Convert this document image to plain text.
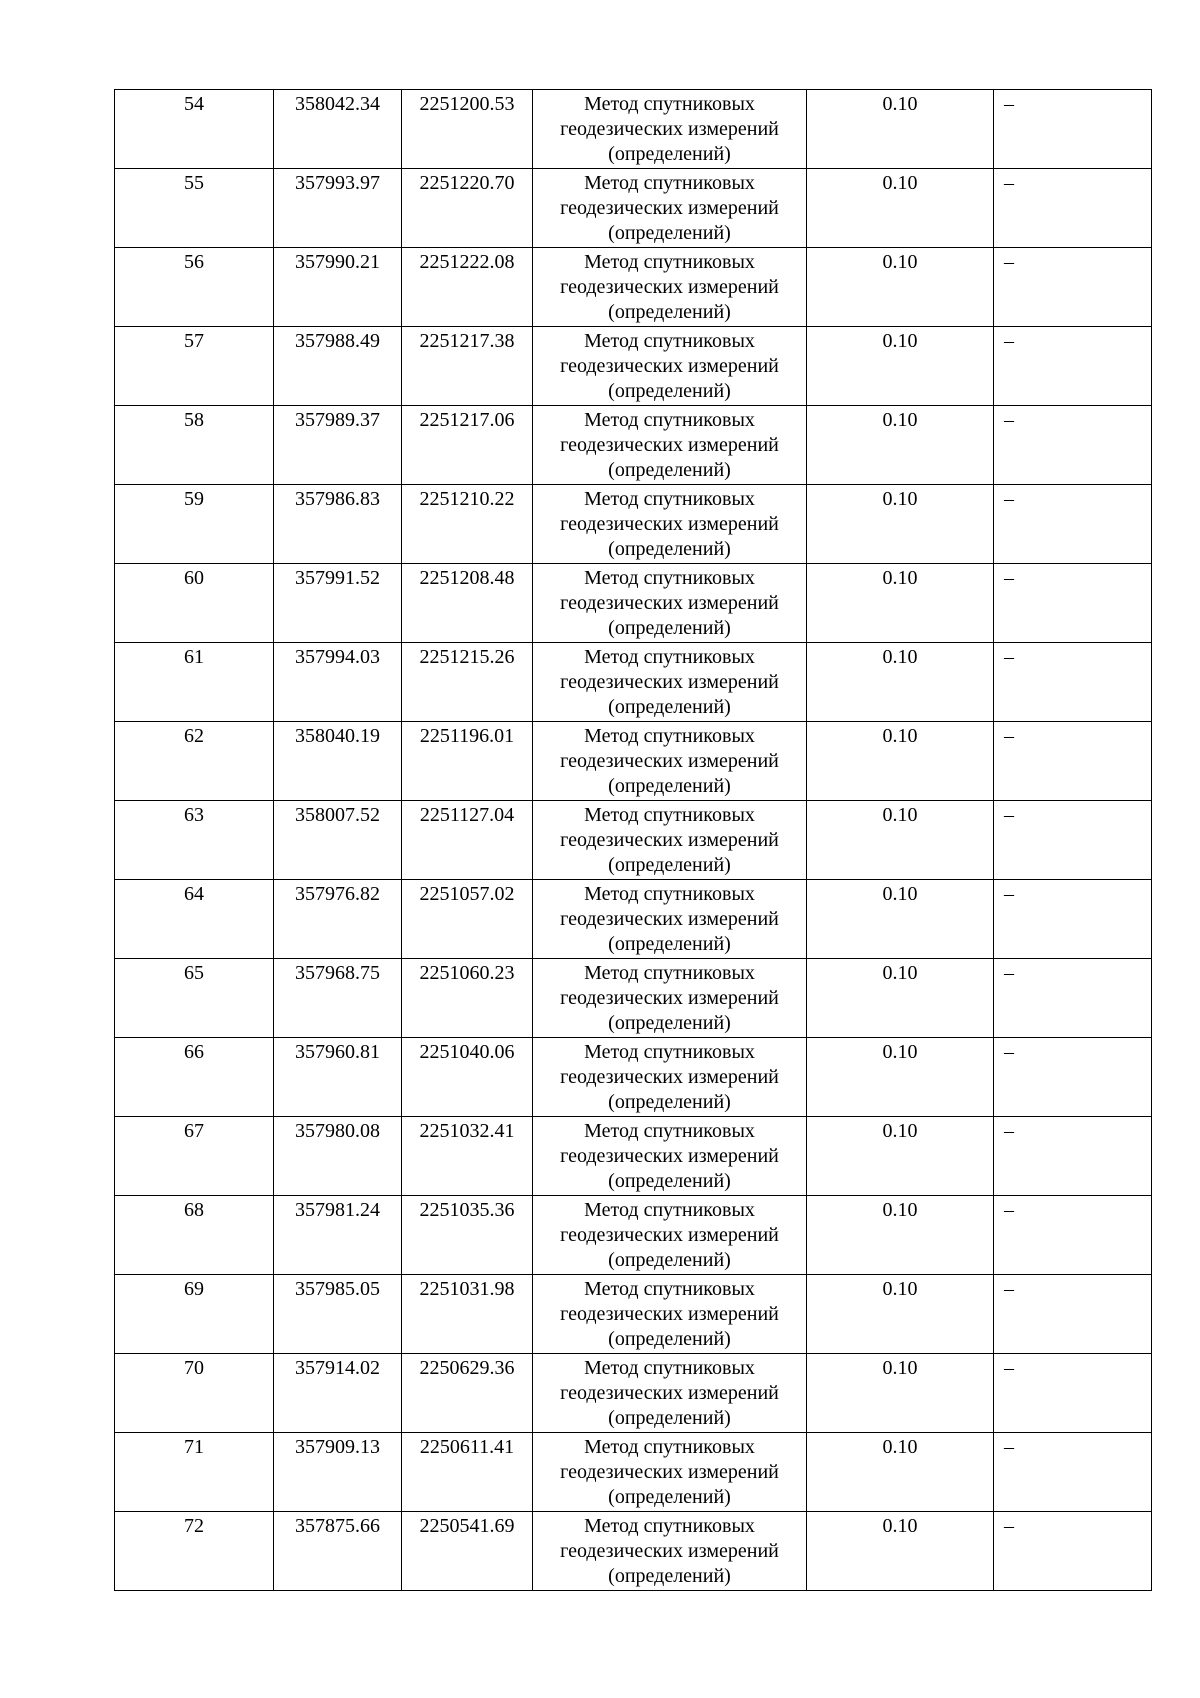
54	358042.34	2251200.53	Метод спутниковых геодезических измерений (определений)	0.10	–
55	357993.97	2251220.70	Метод спутниковых геодезических измерений (определений)	0.10	–
56	357990.21	2251222.08	Метод спутниковых геодезических измерений (определений)	0.10	–
57	357988.49	2251217.38	Метод спутниковых геодезических измерений (определений)	0.10	–
58	357989.37	2251217.06	Метод спутниковых геодезических измерений (определений)	0.10	–
59	357986.83	2251210.22	Метод спутниковых геодезических измерений (определений)	0.10	–
60	357991.52	2251208.48	Метод спутниковых геодезических измерений (определений)	0.10	–
61	357994.03	2251215.26	Метод спутниковых геодезических измерений (определений)	0.10	–
62	358040.19	2251196.01	Метод спутниковых геодезических измерений (определений)	0.10	–
63	358007.52	2251127.04	Метод спутниковых геодезических измерений (определений)	0.10	–
64	357976.82	2251057.02	Метод спутниковых геодезических измерений (определений)	0.10	–
65	357968.75	2251060.23	Метод спутниковых геодезических измерений (определений)	0.10	–
66	357960.81	2251040.06	Метод спутниковых геодезических измерений (определений)	0.10	–
67	357980.08	2251032.41	Метод спутниковых геодезических измерений (определений)	0.10	–
68	357981.24	2251035.36	Метод спутниковых геодезических измерений (определений)	0.10	–
69	357985.05	2251031.98	Метод спутниковых геодезических измерений (определений)	0.10	–
70	357914.02	2250629.36	Метод спутниковых геодезических измерений (определений)	0.10	–
71	357909.13	2250611.41	Метод спутниковых геодезических измерений (определений)	0.10	–
72	357875.66	2250541.69	Метод спутниковых геодезических измерений (определений)	0.10	–
